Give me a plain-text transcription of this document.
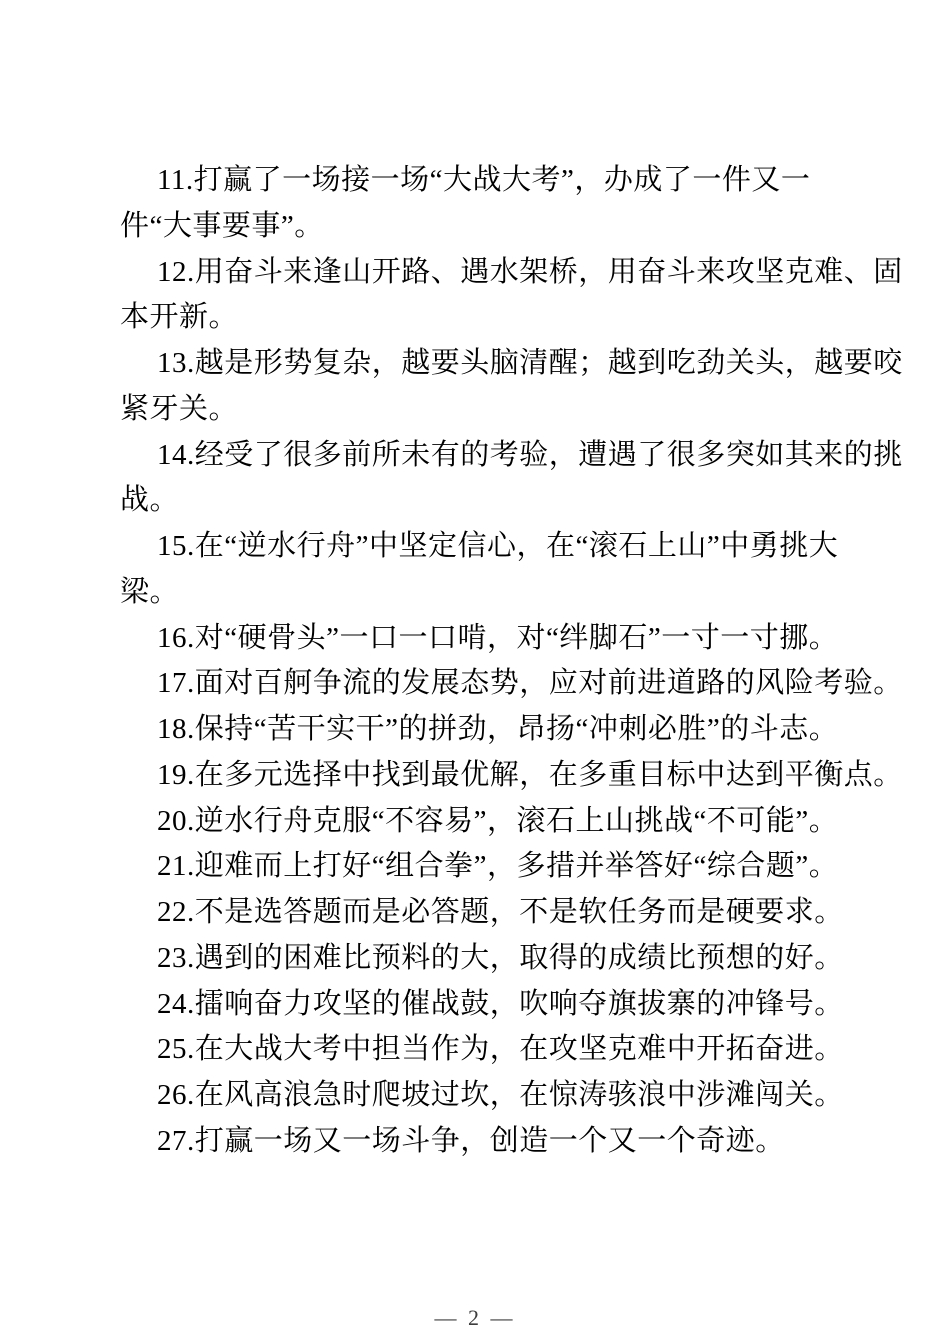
11.打赢了一场接一场“大战大考”，办成了一件又一
件“大事要事”。
12.用奋斗来逢山开路、遇水架桥，用奋斗来攻坚克难、固
本开新。
13.越是形势复杂，越要头脑清醒；越到吃劲关头，越要咬
紧牙关。
14.经受了很多前所未有的考验，遭遇了很多突如其来的挑
战。
15.在“逆水行舟”中坚定信心，在“滚石上山”中勇挑大
梁。
16.对“硬骨头”一口一口啃，对“绊脚石”一寸一寸挪。
17.面对百舸争流的发展态势，应对前进道路的风险考验。
18.保持“苦干实干”的拼劲，昂扬“冲刺必胜”的斗志。
19.在多元选择中找到最优解，在多重目标中达到平衡点。
20.逆水行舟克服“不容易”，滚石上山挑战“不可能”。
21.迎难而上打好“组合拳”，多措并举答好“综合题”。
22.不是选答题而是必答题，不是软任务而是硬要求。
23.遇到的困难比预料的大，取得的成绩比预想的好。
24.擂响奋力攻坚的催战鼓，吹响夺旗拔寨的冲锋号。
25.在大战大考中担当作为，在攻坚克难中开拓奋进。
26.在风高浪急时爬坡过坎，在惊涛骇浪中涉滩闯关。
27.打赢一场又一场斗争，创造一个又一个奇迹。
— 2 —
